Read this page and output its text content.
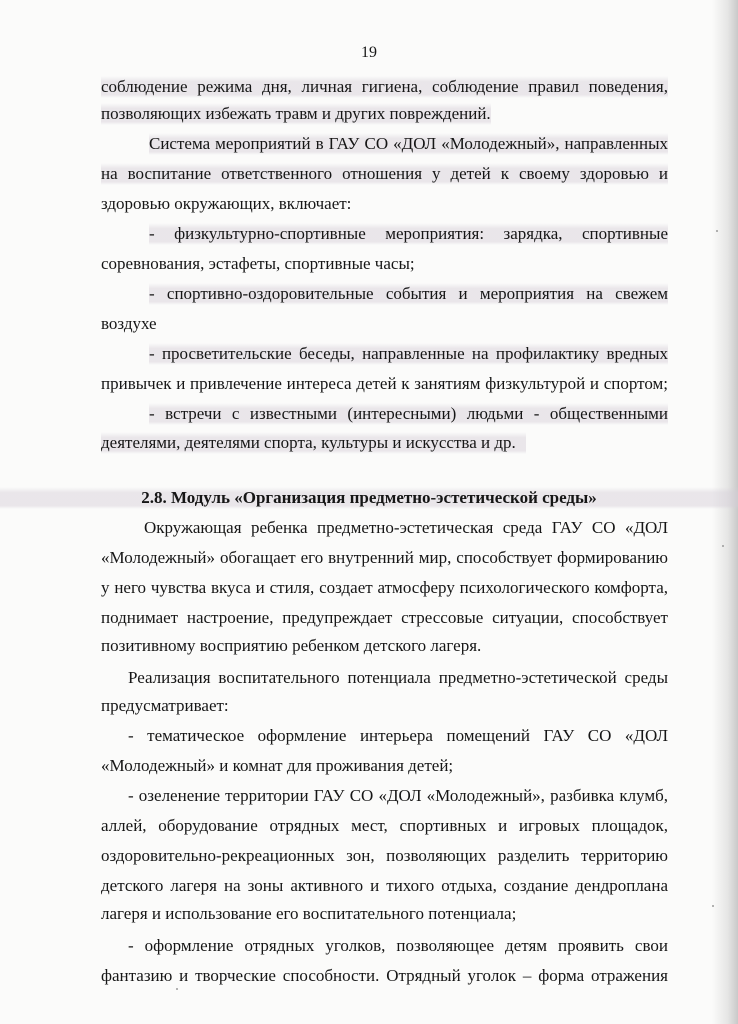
19
соблюдение режима дня, личная гигиена, соблюдение правил поведения,
позволяющих избежать травм и других повреждений.
Система мероприятий в ГАУ СО «ДОЛ «Молодежный», направленных
на воспитание ответственного отношения у детей к своему здоровью и
здоровью окружающих, включает:
- физкультурно-спортивные мероприятия: зарядка, спортивные
соревнования, эстафеты, спортивные часы;
- спортивно-оздоровительные события и мероприятия на свежем
воздухе
- просветительские беседы, направленные на профилактику вредных
привычек и привлечение интереса детей к занятиям физкультурой и спортом;
- встречи с известными (интересными) людьми - общественными
деятелями, деятелями спорта, культуры и искусства и др.
2.8. Модуль «Организация предметно-эстетической среды»
Окружающая ребенка предметно-эстетическая среда ГАУ СО «ДОЛ
«Молодежный» обогащает его внутренний мир, способствует формированию
у него чувства вкуса и стиля, создает атмосферу психологического комфорта,
поднимает настроение, предупреждает стрессовые ситуации, способствует
позитивному восприятию ребенком детского лагеря.
Реализация воспитательного потенциала предметно-эстетической среды
предусматривает:
- тематическое оформление интерьера помещений ГАУ СО «ДОЛ
«Молодежный» и комнат для проживания детей;
- озеленение территории ГАУ СО «ДОЛ «Молодежный», разбивка клумб,
аллей, оборудование отрядных мест, спортивных и игровых площадок,
оздоровительно-рекреационных зон, позволяющих разделить территорию
детского лагеря на зоны активного и тихого отдыха, создание дендроплана
лагеря и использование его воспитательного потенциала;
- оформление отрядных уголков, позволяющее детям проявить свои
фантазию и творческие способности. Отрядный уголок – форма отражения
